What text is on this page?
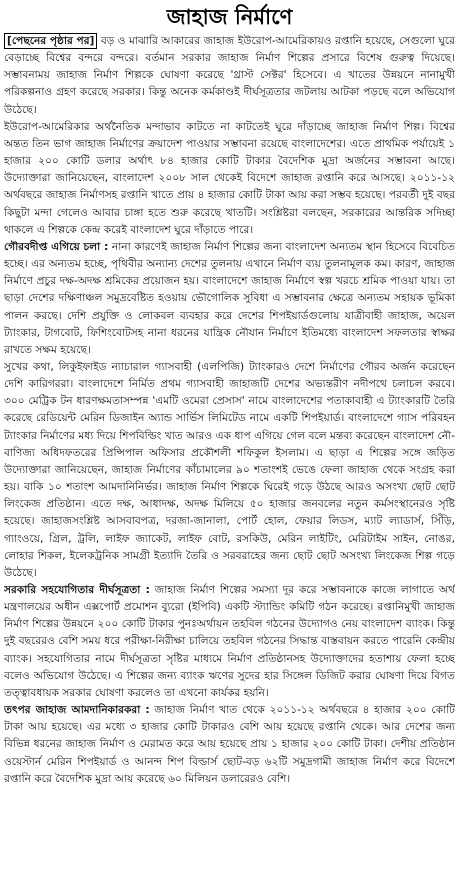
জাহাজ নির্মাণে

[পেছনের পৃষ্ঠার পর] বড় ও মাঝারি আকারের জাহাজ ইউরোপ-আমেরিকায়ও রপ্তানি হয়েছে, সেগুলো ঘুরে বেড়াচ্ছে বিশ্বের বন্দরে বন্দরে। বর্তমান সরকার জাহাজ নির্মাণ শিল্পের প্রসারে বিশেষ গুরুত্ব দিয়েছে। সম্ভাবনাময় জাহাজ নির্মাণ শিল্পকে ঘোষণা করেছে 'থ্রাস্ট সেক্টর' হিসেবে। এ খাতের উন্নয়নে নানামুখী পরিকল্পনাও গ্রহণ করেছে সরকার। কিন্তু অনেক কর্মকাণ্ডই দীর্ঘসূত্রতার জটলায় আটকা পড়ছে বলে অভিযোগ উঠেছে।

ইউরোপ-আমেরিকার অর্থনৈতিক মন্দাভাব কাটতে না কাটতেই ঘুরে দাঁড়াচ্ছে জাহাজ নির্মাণ শিল্প। বিশ্বের অন্তত তিন ভাগ জাহাজ নির্মাণের ক্রয়াদেশ পাওয়ার সম্ভাবনা রয়েছে বাংলাদেশের। এতে প্রাথমিক পর্যায়েই ১ হাজার ২০০ কোটি ডলার অর্থাৎ ৮৪ হাজার কোটি টাকার বৈদেশিক মুদ্রা অর্জনের সম্ভাবনা আছে। উদ্যোক্তারা জানিয়েছেন, বাংলাদেশ ২০০৮ সাল থেকেই বিদেশে জাহাজ রপ্তানি করে আসছে। ২০১১-১২ অর্থবছরে জাহাজ নির্মাণসহ রপ্তানি খাতে প্রায় ৪ হাজার কোটি টাকা আয় করা সম্ভব হয়েছে। পরবর্তী দুই বছর কিছুটা মন্দা গেলেও আবার চাঙ্গা হতে শুরু করেছে খাতটি। সংশ্লিষ্টরা বলছেন, সরকারের আন্তরিক সদিচ্ছা থাকলে এ শিল্পকে কেন্দ্র করেই বাংলাদেশ ঘুরে দাঁড়াতে পারে।

গৌরবদীপ্ত এগিয়ে চলা : নানা কারণেই জাহাজ নির্মাণ শিল্পের জন্য বাংলাদেশ অন্যতম স্থান হিসেবে বিবেচিত হচ্ছে। এর অন্যতম হচ্ছে, পৃথিবীর অন্যান্য দেশের তুলনায় এখানে নির্মাণ ব্যয় তুলনামূলক কম। কারণ, জাহাজ নির্মাণে প্রচুর দক্ষ-অদক্ষ শ্রমিকের প্রয়োজন হয়। বাংলাদেশে জাহাজ নির্মাণে স্বল্প খরচে শ্রমিক পাওয়া যায়। তা ছাড়া দেশের দক্ষিণাঞ্চল সমুদ্রবেষ্টিত হওয়ায় ভৌগোলিক সুবিধা এ সম্ভাবনার ক্ষেত্রে অন্যতম সহায়ক ভূমিকা পালন করছে। দেশি প্রযুক্তি ও লোকবল ব্যবহার করে দেশের শিপইয়ার্ডগুলোয় যাত্রীবাহী জাহাজ, অয়েল ট্যাংকার, টাগবোট, ফিশিংবোটসহ নানা ধরনের যান্ত্রিক নৌযান নির্মাণে ইতিমধ্যে বাংলাদেশ সফলতার স্বাক্ষর রাখতে সক্ষম হয়েছে।

সুখের কথা, লিকুইফাইড ন্যাচারাল গ্যাসবাহী (এলপিজি) ট্যাংকারও দেশে নির্মাণের গৌরব অর্জন করেছেন দেশি কারিগররা। বাংলাদেশে নির্মিত প্রথম গ্যাসবাহী জাহাজটি দেশের অভ্যন্তরীণ নদীপথে চলাচল করবে। ৩০০ মেট্রিক টন ধারণক্ষমতাসম্পন্ন 'এমটি ওমেরা প্রেসাস' নামে বাংলাদেশের পতাকাবাহী এ ট্যাংকারটি তৈরি করেছে রেডিয়েন্ট মেরিন ডিজাইন অ্যান্ড সার্ভিস লিমিটেড নামে একটি শিপইয়ার্ড। বাংলাদেশে গ্যাস পরিবহন ট্যাংকার নির্মাণের মধ্য দিয়ে শিপবিল্ডিং খাত আরও এক ধাপ এগিয়ে গেল বলে মন্তব্য করেছেন বাংলাদেশ নৌ-বাণিজ্য অধিদফতরের প্রিন্সিপাল অফিসার প্রকৌশলী শফিকুল ইসলাম। এ ছাড়া এ শিল্পের সঙ্গে জড়িত উদ্যোক্তারা জানিয়েছেন, জাহাজ নির্মাণের কাঁচামালের ৯০ শতাংশই ভেঙে ফেলা জাহাজ থেকে সংগ্রহ করা হয়। বাকি ১০ শতাংশ আমদানিনির্ভর। জাহাজ নির্মাণ শিল্পকে ঘিরেই গড়ে উঠছে আরও অসংখ্য ছোট ছোট লিংকেজ প্রতিষ্ঠান। এতে দক্ষ, আধাদক্ষ, অদক্ষ মিলিয়ে ৫০ হাজার জনবলের নতুন কর্মসংস্থানেরও সৃষ্টি হয়েছে। জাহাজসংশ্লিষ্ট আসবাবপত্র, দরজা-জানালা, পোর্ট হোল, ফেয়ার লিডস, ম্যাট ল্যাডার্স, সিঁড়ি, গ্যাংওয়ে, গ্রিল, ট্রলি, লাইফ জ্যাকেট, লাইফ বোট, রসকিউ, মেরিন লাইটিং, মেরিটাইম সাইন, নোঙর, লোহার শিকল, ইলেকট্রনিক সামগ্রী ইত্যাদি তৈরি ও সরবরাহের জন্য ছোট ছোট অসংখ্য লিংকেজ শিল্প গড়ে উঠেছে।

সরকারি সহযোগিতার দীর্ঘসূত্রতা : জাহাজ নির্মাণ শিল্পের সমস্যা দূর করে সম্ভাবনাকে কাজে লাগাতে অর্থ মন্ত্রণালয়ের অধীন এক্সপোর্ট প্রমোশন ব্যুরো (ইপিবি) একটি স্ট্যান্ডিং কমিটি গঠন করেছে। রপ্তানিমুখী জাহাজ নির্মাণ শিল্পের উন্নয়নে ২০০ কোটি টাকার পুনঃঅর্থায়ন তহবিল গঠনের উদ্যোগও নেয় বাংলাদেশ ব্যাংক। কিন্তু দুই বছরেরও বেশি সময় ধরে পরীক্ষা-নিরীক্ষা চালিয়ে তহবিল গঠনের সিদ্ধান্ত বাস্তবায়ন করতে পারেনি কেন্দ্রীয় ব্যাংক। সহযোগিতার নামে দীর্ঘসূত্রতা সৃষ্টির মাধ্যমে নির্মাণ প্রতিষ্ঠানসহ উদ্যোক্তাদের হতাশায় ফেলা হচ্ছে বলেও অভিযোগ উঠেছে। এ শিল্পের জন্য ব্যাংক ঋণের সুদের হার সিঙ্গেল ডিজিট করার ঘোষণা দিয়ে বিগত তত্ত্বাবধায়ক সরকার ঘোষণা করলেও তা এখনো কার্যকর হয়নি।

তৎপর জাহাজ আমদানিকারকরা : জাহাজ নির্মাণ খাত থেকে ২০১১-১২ অর্থবছরে ৪ হাজার ২০০ কোটি টাকা আয় হয়েছে। এর মধ্যে ৩ হাজার কোটি টাকারও বেশি আয় হয়েছে রপ্তানি থেকে। আর দেশের জন্য বিভিন্ন ধরনের জাহাজ নির্মাণ ও মেরামত করে আয় হয়েছে প্রায় ১ হাজার ২০০ কোটি টাকা। দেশীয় প্রতিষ্ঠান ওয়েস্টার্ন মেরিন শিপইয়ার্ড ও আনন্দ শিপ বিল্ডার্স ছোট-বড় ৬২টি সমুদ্রগামী জাহাজ নির্মাণ করে বিদেশে রপ্তানি করে বৈদেশিক মুদ্রা আয় করেছে ৬০ মিলিয়ন ডলারেরও বেশি।
